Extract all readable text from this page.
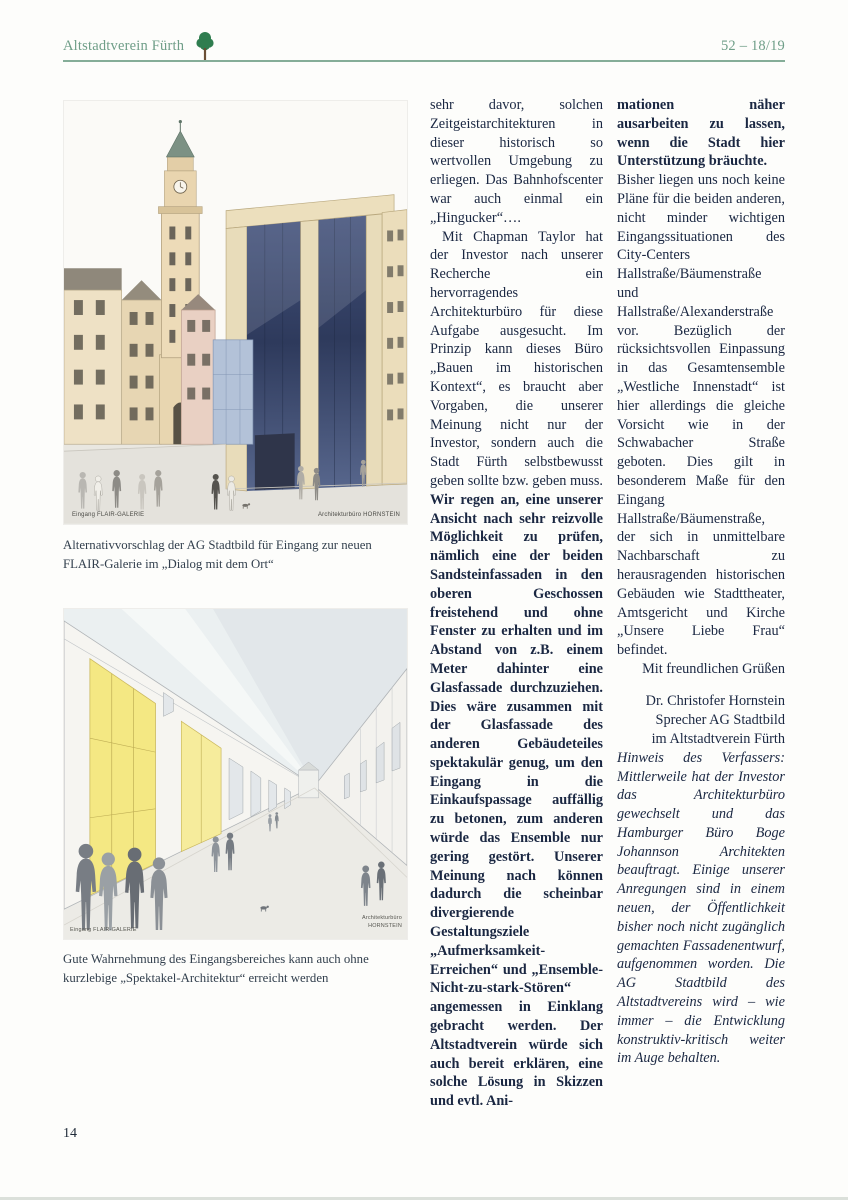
Altstadtverein Fürth	52 – 18/19
Eingang FLAIR-GALERIE	Architekturbüro HORNSTEIN
Alternativvorschlag der AG Stadtbild für Eingang zur neuen FLAIR-Galerie im „Dialog mit dem Ort“
Eingang FLAIR-GALERIE
Architekturbüro
HORNSTEIN
Gute Wahrnehmung des Eingangsbereiches kann auch ohne kurzlebige „Spektakel-Architektur“ erreicht werden

sehr davor, solchen Zeitgeistarchitekturen in dieser historisch so wertvollen Umgebung zu erliegen. Das Bahnhofscenter war auch einmal ein „Hingucker“….

Mit Chapman Taylor hat der Investor nach unserer Recherche ein hervorragendes Architekturbüro für diese Aufgabe ausgesucht. Im Prinzip kann dieses Büro „Bauen im historischen Kontext“, es braucht aber Vorgaben, die unserer Meinung nicht nur der Investor, sondern auch die Stadt Fürth selbstbewusst geben sollte bzw. geben muss.

Wir regen an, eine unserer Ansicht nach sehr reizvolle Möglichkeit zu prüfen, nämlich eine der beiden Sandsteinfassaden in den oberen Geschossen freistehend und ohne Fenster zu erhalten und im Abstand von z.B. einem Meter dahinter eine Glasfassade durchzuziehen. Dies wäre zusammen mit der Glasfassade des anderen Gebäudeteiles spektakulär genug, um den Eingang in die Einkaufspassage auffällig zu betonen, zum anderen würde das Ensemble nur gering gestört. Unserer Meinung nach können dadurch die scheinbar divergierende Gestaltungsziele „Aufmerksamkeit-Erreichen“ und „Ensemble-Nicht-zu-stark-Stören“ angemessen in Einklang gebracht werden. Der Altstadtverein würde sich auch bereit erklären, eine solche Lösung in Skizzen und evtl. Ani-

mationen näher ausarbeiten zu lassen, wenn die Stadt hier Unterstützung bräuchte.

Bisher liegen uns noch keine Pläne für die beiden anderen, nicht minder wichtigen Eingangssituationen des City-Centers Hallstraße/Bäumenstraße und Hallstraße/Alexanderstraße vor. Bezüglich der rücksichtsvollen Einpassung in das Gesamtensemble „Westliche Innenstadt“ ist hier allerdings die gleiche Vorsicht wie in der Schwabacher Straße geboten. Dies gilt in besonderem Maße für den Eingang Hallstraße/Bäumenstraße, der sich in unmittelbare Nachbarschaft zu herausragenden historischen Gebäuden wie Stadttheater, Amtsgericht und Kirche „Unsere Liebe Frau“ befindet.

Mit freundlichen Grüßen

Dr. Christofer Hornstein
Sprecher AG Stadtbild
im Altstadtverein Fürth

Hinweis des Verfassers: Mittlerweile hat der Investor das Architekturbüro gewechselt und das Hamburger Büro Boge Johannson Architekten beauftragt. Einige unserer Anregungen sind in einem neuen, der Öffentlichkeit bisher noch nicht zugänglich gemachten Fassadenentwurf, aufgenommen worden. Die AG Stadtbild des Altstadtvereins wird – wie immer – die Entwicklung konstruktiv-kritisch weiter im Auge behalten.

14
